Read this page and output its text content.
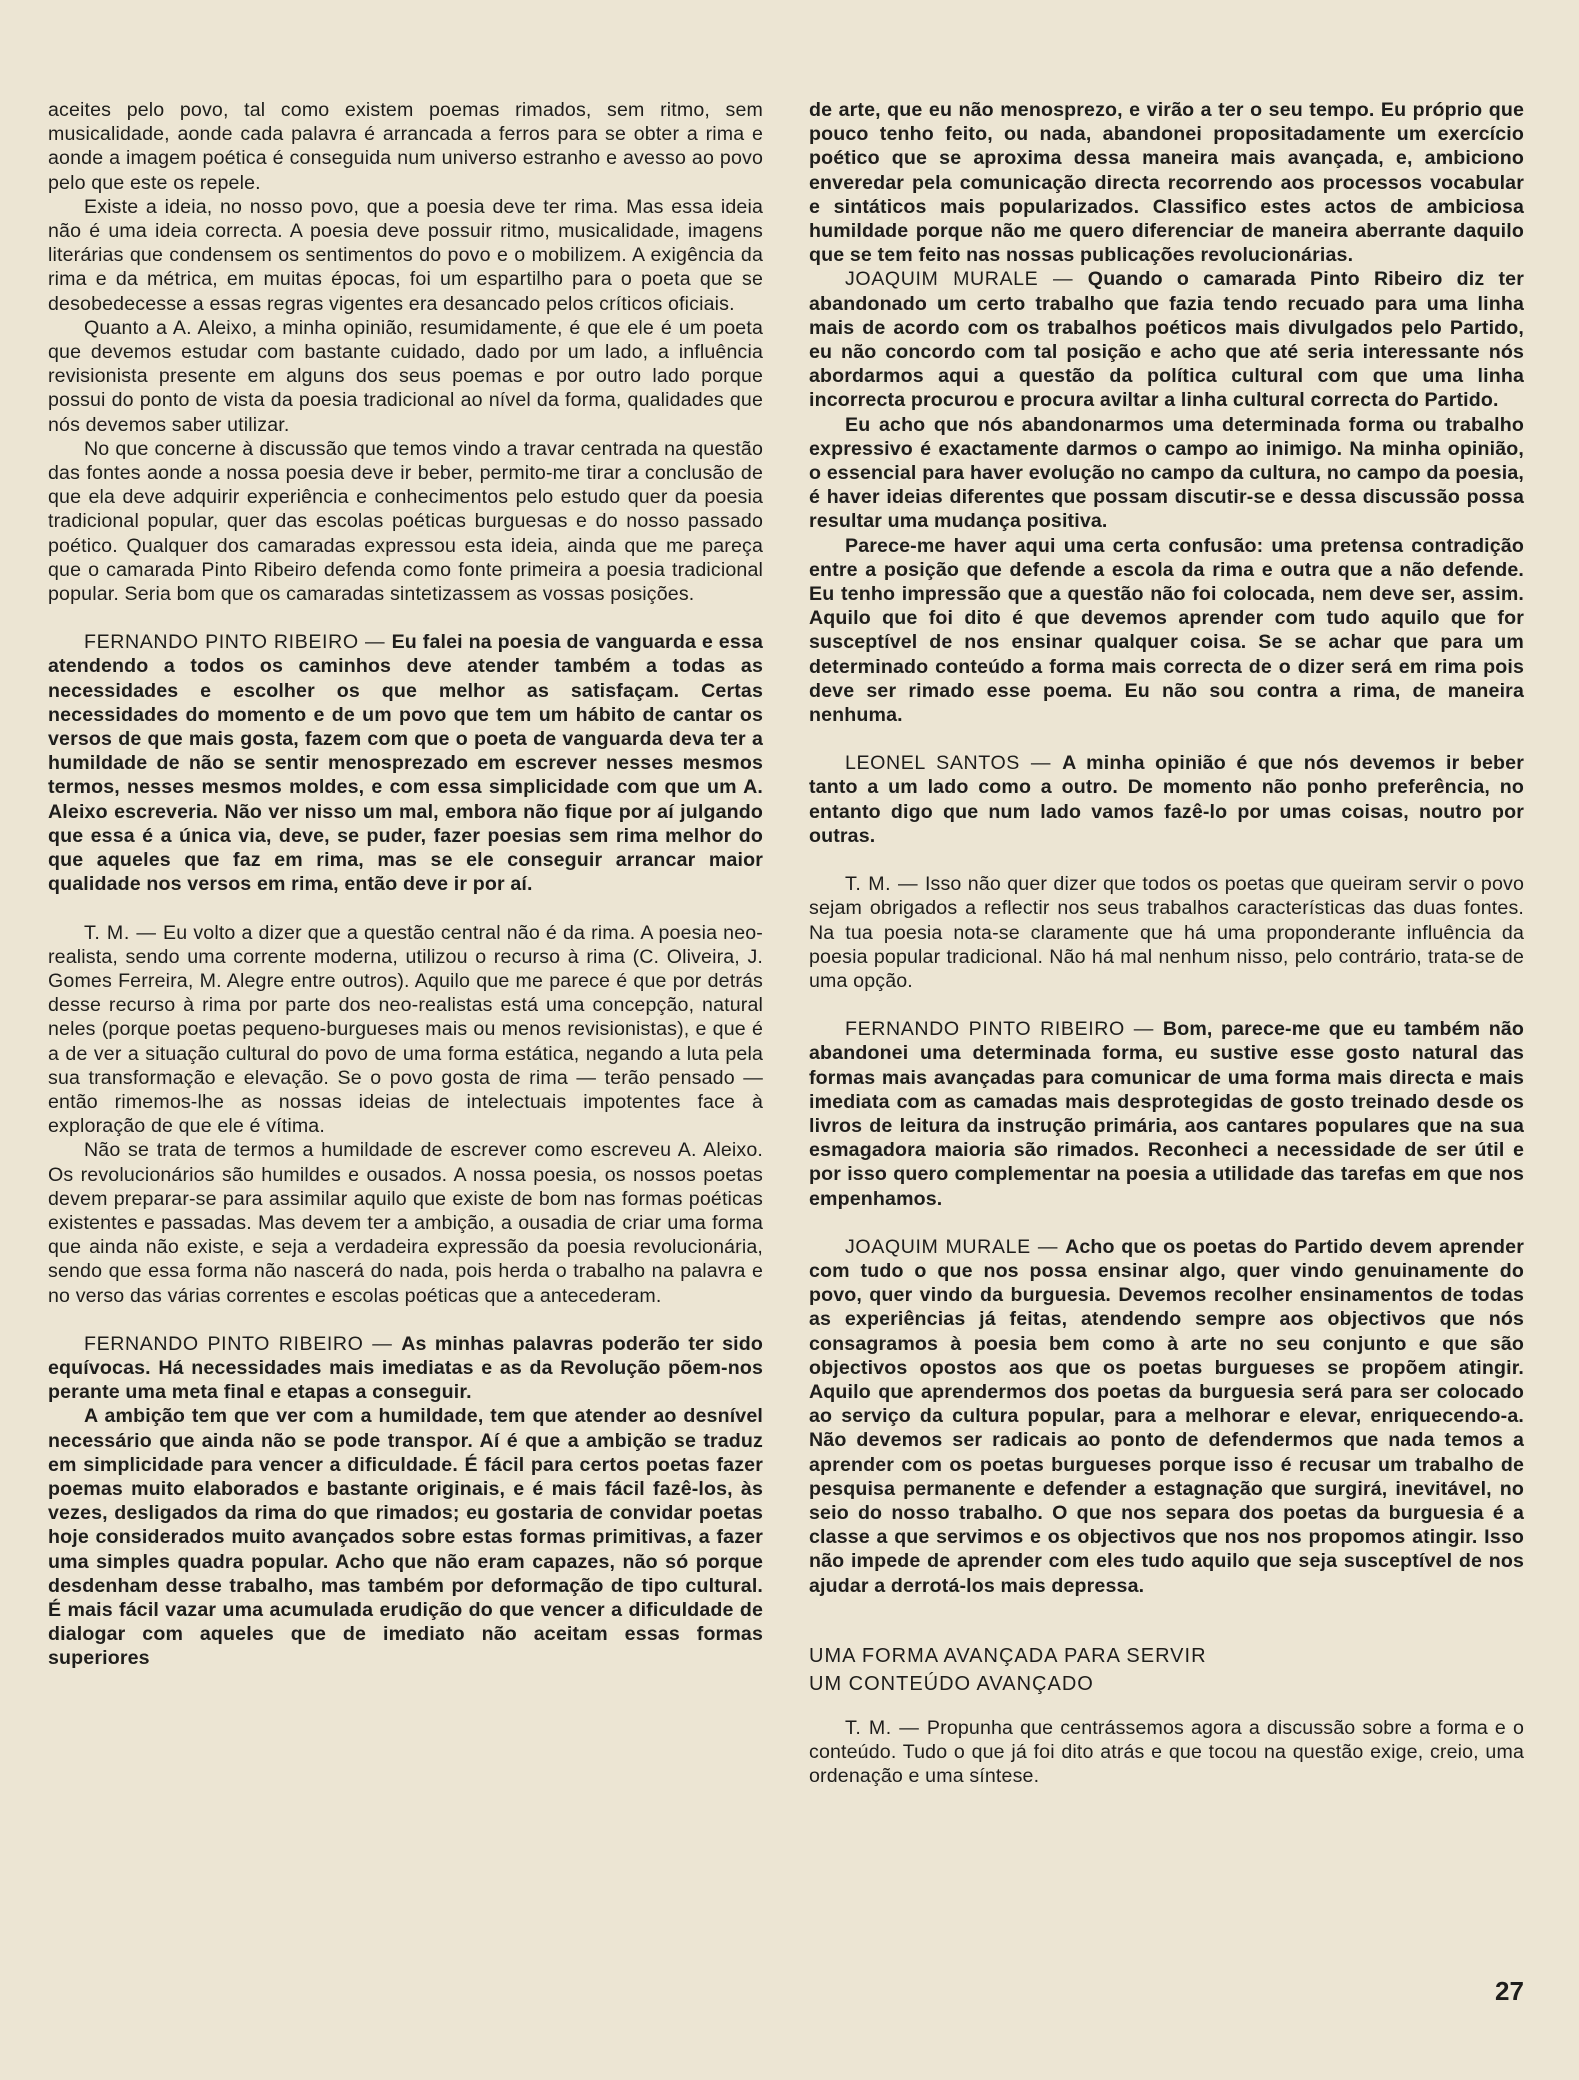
aceites pelo povo, tal como existem poemas rimados, sem ritmo, sem musicalidade, aonde cada palavra é arrancada a ferros para se obter a rima e aonde a imagem poética é conseguida num universo estranho e avesso ao povo pelo que este os repele.

Existe a ideia, no nosso povo, que a poesia deve ter rima. Mas essa ideia não é uma ideia correcta. A poesia deve possuir ritmo, musicalidade, imagens literárias que condensem os sentimentos do povo e o mobilizem. A exigência da rima e da métrica, em muitas épocas, foi um espartilho para o poeta que se desobedecesse a essas regras vigentes era desancado pelos críticos oficiais.

Quanto a A. Aleixo, a minha opinião, resumidamente, é que ele é um poeta que devemos estudar com bastante cuidado, dado por um lado, a influência revisionista presente em alguns dos seus poemas e por outro lado porque possui do ponto de vista da poesia tradicional ao nível da forma, qualidades que nós devemos saber utilizar.

No que concerne à discussão que temos vindo a travar centrada na questão das fontes aonde a nossa poesia deve ir beber, permito-me tirar a conclusão de que ela deve adquirir experiência e conhecimentos pelo estudo quer da poesia tradicional popular, quer das escolas poéticas burguesas e do nosso passado poético. Qualquer dos camaradas expressou esta ideia, ainda que me pareça que o camarada Pinto Ribeiro defenda como fonte primeira a poesia tradicional popular. Seria bom que os camaradas sintetizassem as vossas posições.

FERNANDO PINTO RIBEIRO — Eu falei na poesia de vanguarda e essa atendendo a todos os caminhos deve atender também a todas as necessidades e escolher os que melhor as satisfaçam. Certas necessidades do momento e de um povo que tem um hábito de cantar os versos de que mais gosta, fazem com que o poeta de vanguarda deva ter a humildade de não se sentir menosprezado em escrever nesses mesmos termos, nesses mesmos moldes, e com essa simplicidade com que um A. Aleixo escreveria. Não ver nisso um mal, embora não fique por aí julgando que essa é a única via, deve, se puder, fazer poesias sem rima melhor do que aqueles que faz em rima, mas se ele conseguir arrancar maior qualidade nos versos em rima, então deve ir por aí.

T. M. — Eu volto a dizer que a questão central não é da rima. A poesia neo-realista, sendo uma corrente moderna, utilizou o recurso à rima (C. Oliveira, J. Gomes Ferreira, M. Alegre entre outros). Aquilo que me parece é que por detrás desse recurso à rima por parte dos neo-realistas está uma concepção, natural neles (porque poetas pequeno-burgueses mais ou menos revisionistas), e que é a de ver a situação cultural do povo de uma forma estática, negando a luta pela sua transformação e elevação. Se o povo gosta de rima — terão pensado — então rimemos-lhe as nossas ideias de intelectuais impotentes face à exploração de que ele é vítima.

Não se trata de termos a humildade de escrever como escreveu A. Aleixo. Os revolucionários são humildes e ousados. A nossa poesia, os nossos poetas devem preparar-se para assimilar aquilo que existe de bom nas formas poéticas existentes e passadas. Mas devem ter a ambição, a ousadia de criar uma forma que ainda não existe, e seja a verdadeira expressão da poesia revolucionária, sendo que essa forma não nascerá do nada, pois herda o trabalho na palavra e no verso das várias correntes e escolas poéticas que a antecederam.

FERNANDO PINTO RIBEIRO — As minhas palavras poderão ter sido equívocas. Há necessidades mais imediatas e as da Revolução põem-nos perante uma meta final e etapas a conseguir.

A ambição tem que ver com a humildade, tem que atender ao desnível necessário que ainda não se pode transpor. Aí é que a ambição se traduz em simplicidade para vencer a dificuldade. É fácil para certos poetas fazer poemas muito elaborados e bastante originais, e é mais fácil fazê-los, às vezes, desligados da rima do que rimados; eu gostaria de convidar poetas hoje considerados muito avançados sobre estas formas primitivas, a fazer uma simples quadra popular. Acho que não eram capazes, não só porque desdenham desse trabalho, mas também por deformação de tipo cultural. É mais fácil vazar uma acumulada erudição do que vencer a dificuldade de dialogar com aqueles que de imediato não aceitam essas formas superiores

de arte, que eu não menosprezo, e virão a ter o seu tempo. Eu próprio que pouco tenho feito, ou nada, abandonei propositadamente um exercício poético que se aproxima dessa maneira mais avançada, e, ambiciono enveredar pela comunicação directa recorrendo aos processos vocabular e sintáticos mais popularizados. Classifico estes actos de ambiciosa humildade porque não me quero diferenciar de maneira aberrante daquilo que se tem feito nas nossas publicações revolucionárias.

JOAQUIM MURALE — Quando o camarada Pinto Ribeiro diz ter abandonado um certo trabalho que fazia tendo recuado para uma linha mais de acordo com os trabalhos poéticos mais divulgados pelo Partido, eu não concordo com tal posição e acho que até seria interessante nós abordarmos aqui a questão da política cultural com que uma linha incorrecta procurou e procura aviltar a linha cultural correcta do Partido.

Eu acho que nós abandonarmos uma determinada forma ou trabalho expressivo é exactamente darmos o campo ao inimigo. Na minha opinião, o essencial para haver evolução no campo da cultura, no campo da poesia, é haver ideias diferentes que possam discutir-se e dessa discussão possa resultar uma mudança positiva.

Parece-me haver aqui uma certa confusão: uma pretensa contradição entre a posição que defende a escola da rima e outra que a não defende. Eu tenho impressão que a questão não foi colocada, nem deve ser, assim. Aquilo que foi dito é que devemos aprender com tudo aquilo que for susceptível de nos ensinar qualquer coisa. Se se achar que para um determinado conteúdo a forma mais correcta de o dizer será em rima pois deve ser rimado esse poema. Eu não sou contra a rima, de maneira nenhuma.

LEONEL SANTOS — A minha opinião é que nós devemos ir beber tanto a um lado como a outro. De momento não ponho preferência, no entanto digo que num lado vamos fazê-lo por umas coisas, noutro por outras.

T. M. — Isso não quer dizer que todos os poetas que queiram servir o povo sejam obrigados a reflectir nos seus trabalhos características das duas fontes. Na tua poesia nota-se claramente que há uma proponderante influência da poesia popular tradicional. Não há mal nenhum nisso, pelo contrário, trata-se de uma opção.

FERNANDO PINTO RIBEIRO — Bom, parece-me que eu também não abandonei uma determinada forma, eu sustive esse gosto natural das formas mais avançadas para comunicar de uma forma mais directa e mais imediata com as camadas mais desprotegidas de gosto treinado desde os livros de leitura da instrução primária, aos cantares populares que na sua esmagadora maioria são rimados. Reconheci a necessidade de ser útil e por isso quero complementar na poesia a utilidade das tarefas em que nos empenhamos.

JOAQUIM MURALE — Acho que os poetas do Partido devem aprender com tudo o que nos possa ensinar algo, quer vindo genuinamente do povo, quer vindo da burguesia. Devemos recolher ensinamentos de todas as experiências já feitas, atendendo sempre aos objectivos que nós consagramos à poesia bem como à arte no seu conjunto e que são objectivos opostos aos que os poetas burgueses se propõem atingir. Aquilo que aprendermos dos poetas da burguesia será para ser colocado ao serviço da cultura popular, para a melhorar e elevar, enriquecendo-a. Não devemos ser radicais ao ponto de defendermos que nada temos a aprender com os poetas burgueses porque isso é recusar um trabalho de pesquisa permanente e defender a estagnação que surgirá, inevitável, no seio do nosso trabalho. O que nos separa dos poetas da burguesia é a classe a que servimos e os objectivos que nos nos propomos atingir. Isso não impede de aprender com eles tudo aquilo que seja susceptível de nos ajudar a derrotá-los mais depressa.

UMA FORMA AVANÇADA PARA SERVIR
UM CONTEÚDO AVANÇADO

T. M. — Propunha que centrássemos agora a discussão sobre a forma e o conteúdo. Tudo o que já foi dito atrás e que tocou na questão exige, creio, uma ordenação e uma síntese.

27
